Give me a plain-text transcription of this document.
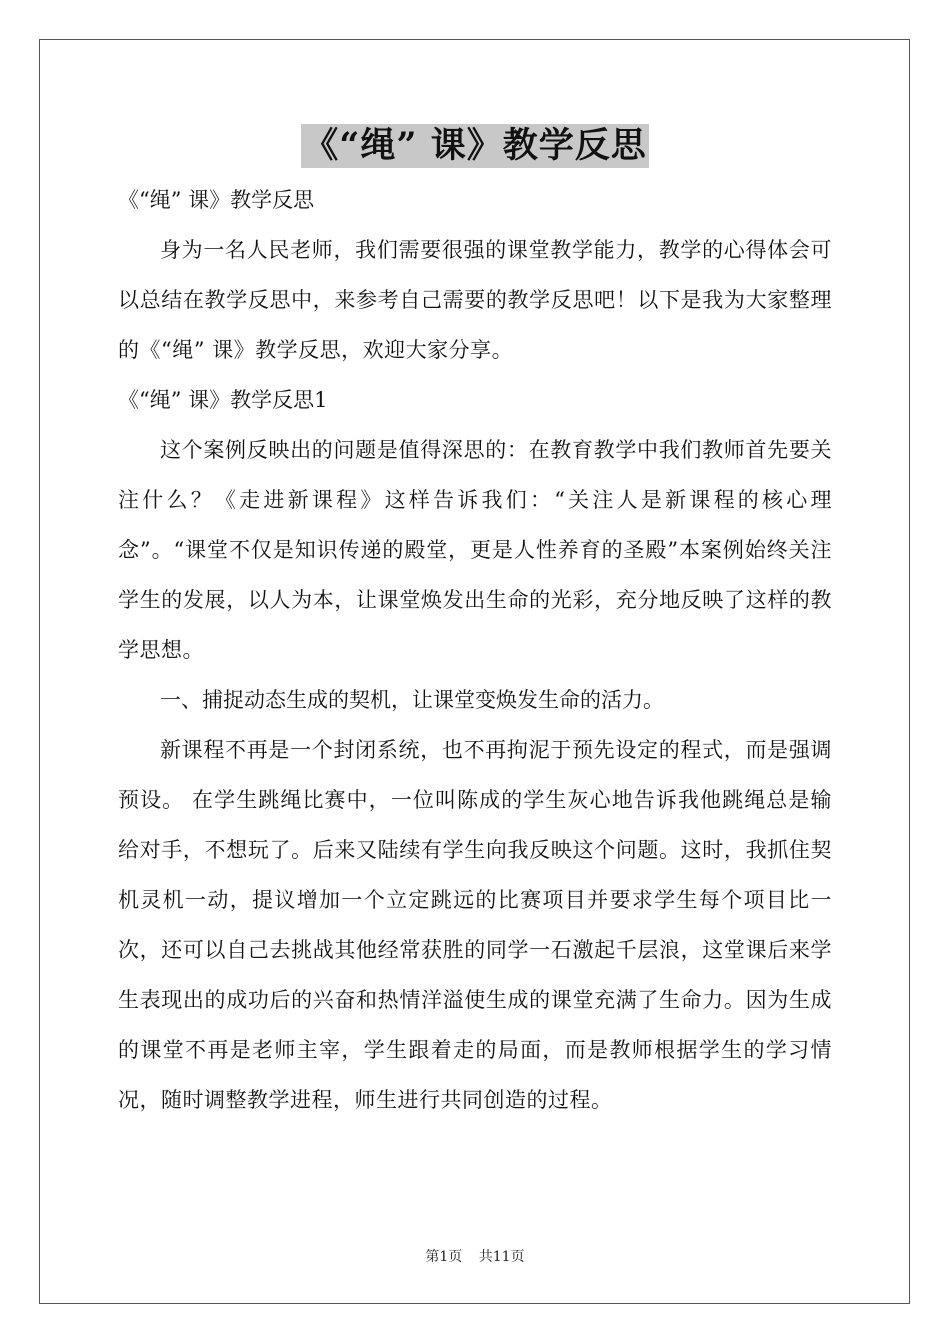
《“绳” 课》教学反思

《“绳” 课》教学反思

身为一名人民老师，我们需要很强的课堂教学能力，教学的心得体会可以总结在教学反思中，来参考自己需要的教学反思吧！以下是我为大家整理的《“绳” 课》教学反思，欢迎大家分享。

《“绳” 课》教学反思1

这个案例反映出的问题是值得深思的：在教育教学中我们教师首先要关注什么？《走进新课程》这样告诉我们：“关注人是新课程的核心理念”。“课堂不仅是知识传递的殿堂，更是人性养育的圣殿”本案例始终关注学生的发展，以人为本，让课堂焕发出生命的光彩，充分地反映了这样的教学思想。

一、捕捉动态生成的契机，让课堂变焕发生命的活力。

新课程不再是一个封闭系统，也不再拘泥于预先设定的程式，而是强调预设。 在学生跳绳比赛中，一位叫陈成的学生灰心地告诉我他跳绳总是输给对手，不想玩了。后来又陆续有学生向我反映这个问题。这时，我抓住契机灵机一动，提议增加一个立定跳远的比赛项目并要求学生每个项目比一次，还可以自己去挑战其他经常获胜的同学一石激起千层浪，这堂课后来学生表现出的成功后的兴奋和热情洋溢使生成的课堂充满了生命力。因为生成的课堂不再是老师主宰，学生跟着走的局面，而是教师根据学生的学习情况，随时调整教学进程，师生进行共同创造的过程。

第1页 共11页
